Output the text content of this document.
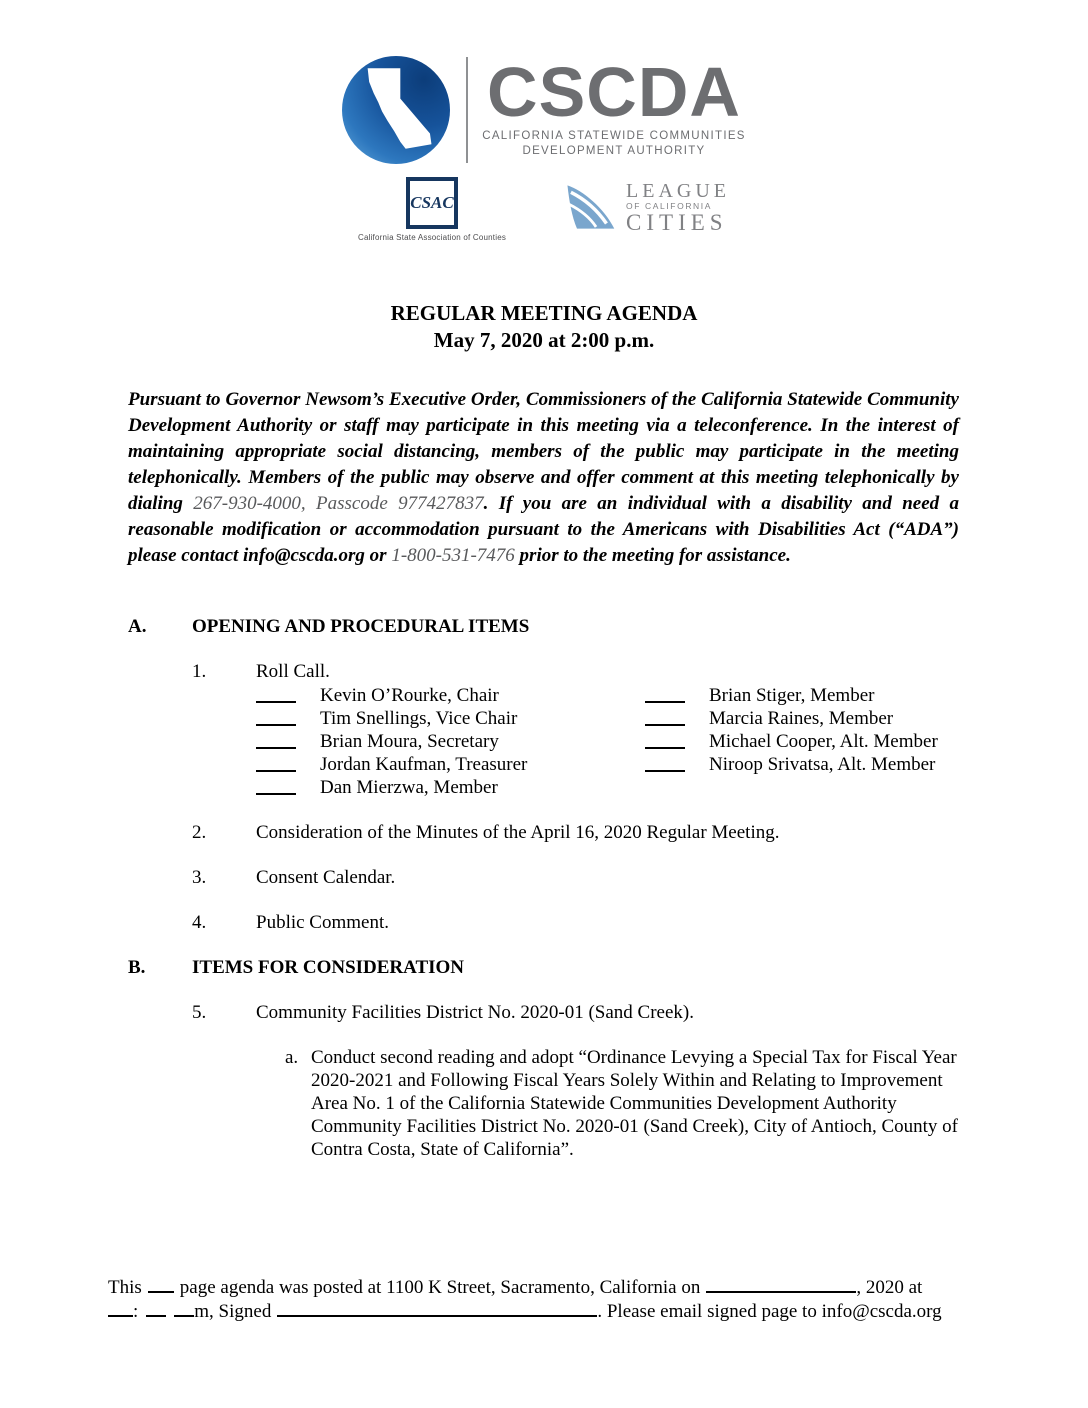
CSCDA
CALIFORNIA STATEWIDE COMMUNITIES
DEVELOPMENT AUTHORITY
CSAC
California State Association of Counties
LEAGUE
OF CALIFORNIA
CITIES
REGULAR MEETING AGENDA
May 7, 2020 at 2:00 p.m.

Pursuant to Governor Newsom’s Executive Order, Commissioners of the California Statewide Community Development Authority or staff may participate in this meeting via a teleconference. In the interest of maintaining appropriate social distancing, members of the public may participate in the meeting telephonically. Members of the public may observe and offer comment at this meeting telephonically by dialing 267-930-4000, Passcode 977427837. If you are an individual with a disability and need a reasonable modification or accommodation pursuant to the Americans with Disabilities Act (“ADA”) please contact info@cscda.org or 1-800-531-7476 prior to the meeting for assistance.

A.	OPENING AND PROCEDURAL ITEMS
1.	Roll Call.
Kevin O’Rourke, Chair	Brian Stiger, Member
Tim Snellings, Vice Chair	Marcia Raines, Member
Brian Moura, Secretary	Michael Cooper, Alt. Member
Jordan Kaufman, Treasurer	Niroop Srivatsa, Alt. Member
Dan Mierzwa, Member
2.	Consideration of the Minutes of the April 16, 2020 Regular Meeting.
3.	Consent Calendar.
4.	Public Comment.
B.	ITEMS FOR CONSIDERATION
5.	Community Facilities District No. 2020-01 (Sand Creek).
a. Conduct second reading and adopt “Ordinance Levying a Special Tax for Fiscal Year 2020-2021 and Following Fiscal Years Solely Within and Relating to Improvement Area No. 1 of the California Statewide Communities Development Authority Community Facilities District No. 2020-01 (Sand Creek), City of Antioch, County of Contra Costa, State of California”.
This page agenda was posted at 1100 K Street, Sacramento, California on	, 2020 at
:	m, Signed	. Please email signed page to info@cscda.org
